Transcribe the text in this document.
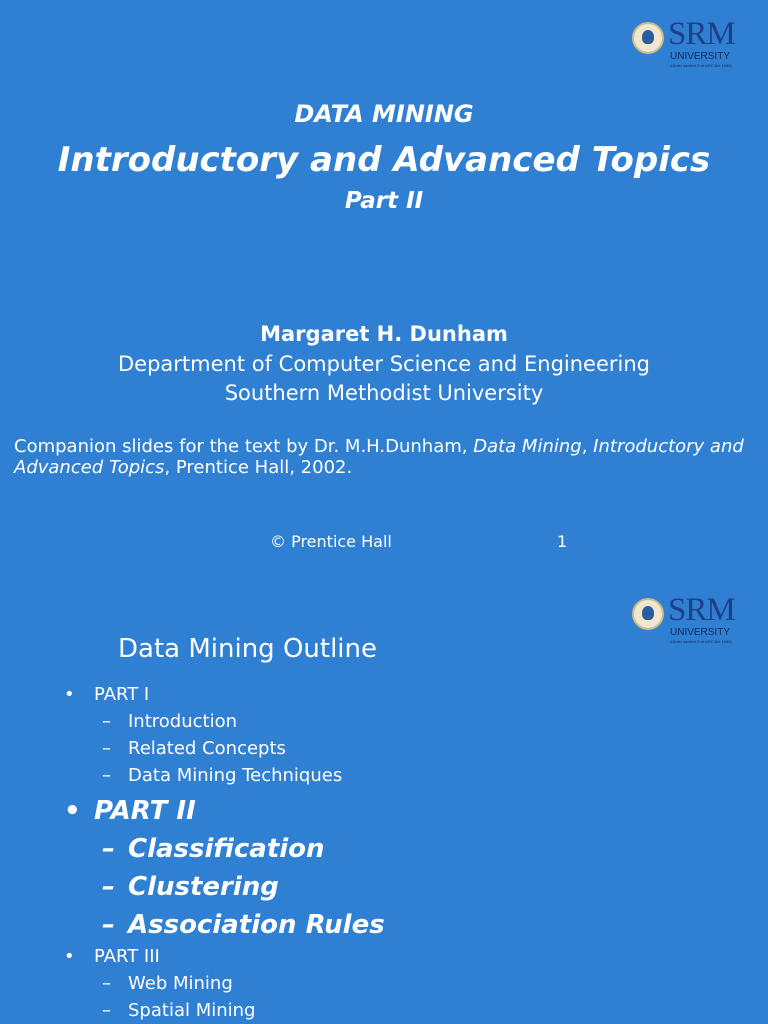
SRM
UNIVERSITY
(Under section 3 of UGC Act 1956)
DATA MINING
Introductory and Advanced Topics
Part II
Margaret H. Dunham
Department of Computer Science and Engineering
Southern Methodist University
Companion slides for the text by Dr. M.H.Dunham, Data Mining, Introductory and Advanced Topics, Prentice Hall, 2002.
© Prentice Hall	1
SRM
UNIVERSITY
(Under section 3 of UGC Act 1956)
Data Mining Outline
• PART I
– Introduction
– Related Concepts
– Data Mining Techniques
• PART II
– Classification
– Clustering
– Association Rules
• PART III
– Web Mining
– Spatial Mining
